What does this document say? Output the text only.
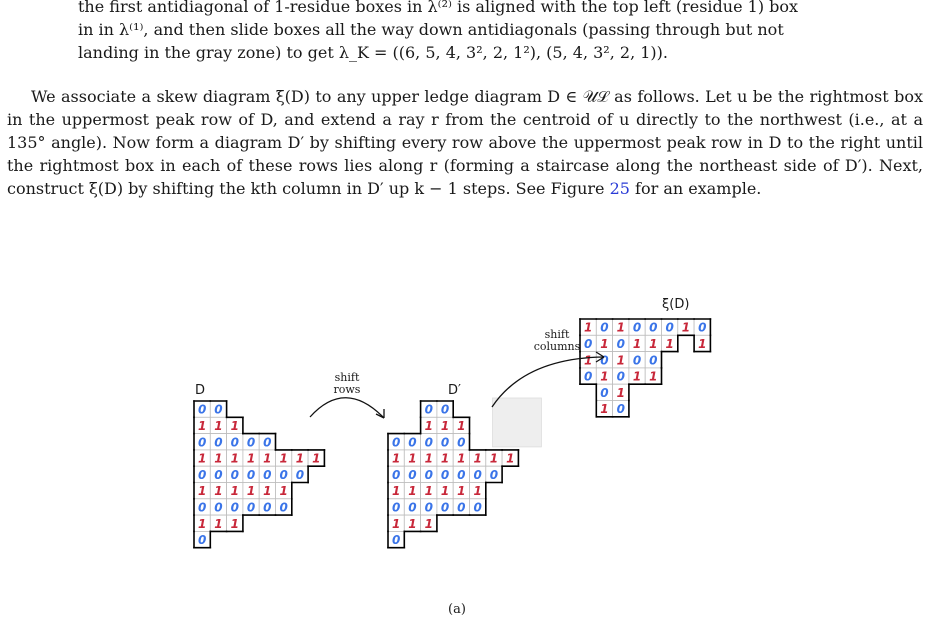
the first antidiagonal of 1-residue boxes in λ⁽²⁾ is aligned with the top left (residue 1) box
in in λ⁽¹⁾, and then slide boxes all the way down antidiagonals (passing through but not
landing in the gray zone) to get λ_K = ((6, 5, 4, 3², 2, 1²), (5, 4, 3², 2, 1)).

We associate a skew diagram ξ(D) to any upper ledge diagram D ∈ 𝒰ℒ as follows. Let u be the rightmost box in the uppermost peak row of D, and extend a ray r from the centroid of u directly to the northwest (i.e., at a 135° angle). Now form a diagram D′ by shifting every row above the uppermost peak row in D to the right until the rightmost box in each of these rows lies along r (forming a staircase along the northeast side of D′). Next, construct ξ(D) by shifting the kth column in D′ up k − 1 steps. See Figure 25 for an example.

0 0
1 1 1
0 0 0 0 0
1 1 1 1 1 1 1 1
0 0 0 0 0 0 0
1 1 1 1 1 1
0 0 0 0 0 0
1 1 1
0
0 0
1 1 1
0 0 0 0 0
1 1 1 1 1 1 1 1
0 0 0 0 0 0 0
1 1 1 1 1 1
0 0 0 0 0 0
1 1 1
0
1
0
1
0
0
1
0
1
0
1
1
0
1
0
1
0
0
1
0
1
0
1
0
1
0
1
1 0
1
D	D′
ξ(D)
shift
rows
shift
columns
(a)
